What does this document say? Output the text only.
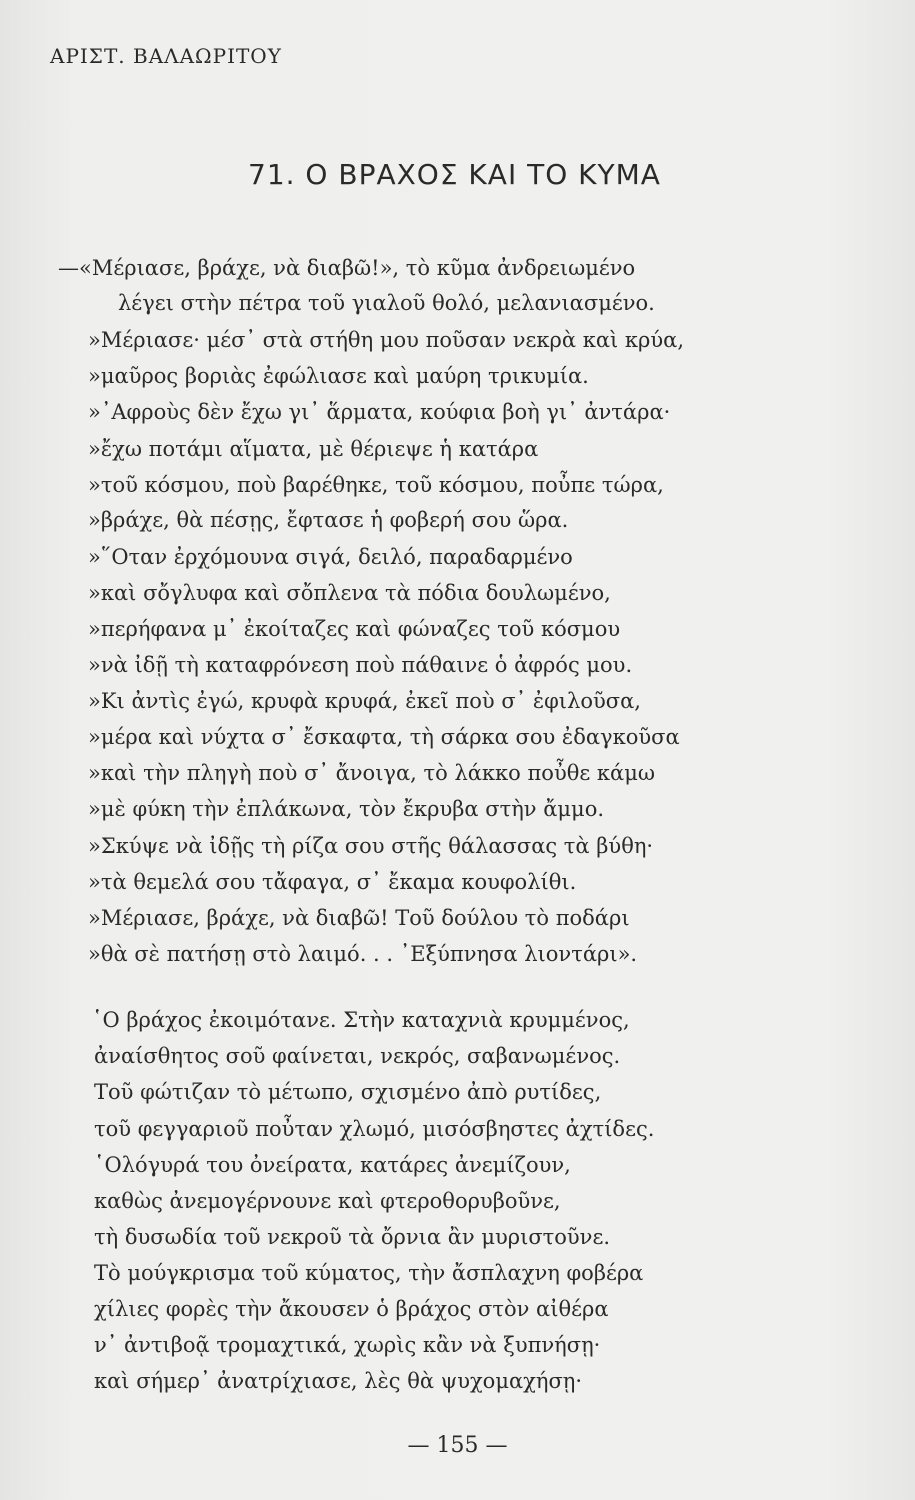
ΑΡΙΣΤ. ΒΑΛΑΩΡΙΤΟΥ
71. Ο ΒΡΑΧΟΣ ΚΑΙ ΤΟ ΚΥΜΑ
—«Μέριασε, βράχε, νὰ διαβῶ!», τὸ κῦμα ἀνδρειωμένο
λέγει στὴν πέτρα τοῦ γιαλοῦ θολό, μελανιασμένο.
»Μέριασε· μέσ᾽ στὰ στήθη μου ποῦσαν νεκρὰ καὶ κρύα,
»μαῦρος βοριὰς ἐφώλιασε καὶ μαύρη τρικυμία.
»᾽Αφροὺς δὲν ἔχω γι᾽ ἅρματα, κούφια βοὴ γι᾽ ἀντάρα·
»ἔχω ποτάμι αἵματα, μὲ θέριεψε ἡ κατάρα
»τοῦ κόσμου, ποὺ βαρέθηκε, τοῦ κόσμου, ποὖπε τώρα,
»βράχε, θὰ πέσῃς, ἔφτασε ἡ φοβερή σου ὥρα.
»῞Οταν ἐρχόμουνα σιγά, δειλό, παραδαρμένο
»καὶ σὄγλυφα καὶ σὄπλενα τὰ πόδια δουλωμένο,
»περήφανα μ᾽ ἐκοίταζες καὶ φώναζες τοῦ κόσμου
»νὰ ἰδῇ τὴ καταφρόνεση ποὺ πάθαινε ὁ ἀφρός μου.
»Κι ἀντὶς ἐγώ, κρυφὰ κρυφά, ἐκεῖ ποὺ σ᾽ ἐφιλοῦσα,
»μέρα καὶ νύχτα σ᾽ ἔσκαφτα, τὴ σάρκα σου ἐδαγκοῦσα
»καὶ τὴν πληγὴ ποὺ σ᾽ ἄνοιγα, τὸ λάκκο ποὖθε κάμω
»μὲ φύκη τὴν ἐπλάκωνα, τὸν ἔκρυβα στὴν ἄμμο.
»Σκύψε νὰ ἰδῇς τὴ ρίζα σου στῆς θάλασσας τὰ βύθη·
»τὰ θεμελά σου τἄφαγα, σ᾽ ἔκαμα κουφολίθι.
»Μέριασε, βράχε, νὰ διαβῶ! Τοῦ δούλου τὸ ποδάρι
»θὰ σὲ πατήσῃ στὸ λαιμό. . . ᾽Εξύπνησα λιοντάρι».
῾Ο βράχος ἐκοιμότανε. Στὴν καταχνιὰ κρυμμένος,
ἀναίσθητος σοῦ φαίνεται, νεκρός, σαβανωμένος.
Τοῦ φώτιζαν τὸ μέτωπο, σχισμένο ἀπὸ ρυτίδες,
τοῦ φεγγαριοῦ ποὖταν χλωμό, μισόσβηστες ἀχτίδες.
῾Ολόγυρά του ὀνείρατα, κατάρες ἀνεμίζουν,
καθὼς ἀνεμογέρνουνε καὶ φτεροθορυβοῦνε,
τὴ δυσωδία τοῦ νεκροῦ τὰ ὄρνια ἂν μυριστοῦνε.
Τὸ μούγκρισμα τοῦ κύματος, τὴν ἄσπλαχνη φοβέρα
χίλιες φορὲς τὴν ἄκουσεν ὁ βράχος στὸν αἰθέρα
ν᾽ ἀντιβοᾷ τρομαχτικά, χωρὶς κἂν νὰ ξυπνήσῃ·
καὶ σήμερ᾽ ἀνατρίχιασε, λὲς θὰ ψυχομαχήσῃ·
— 155 —
